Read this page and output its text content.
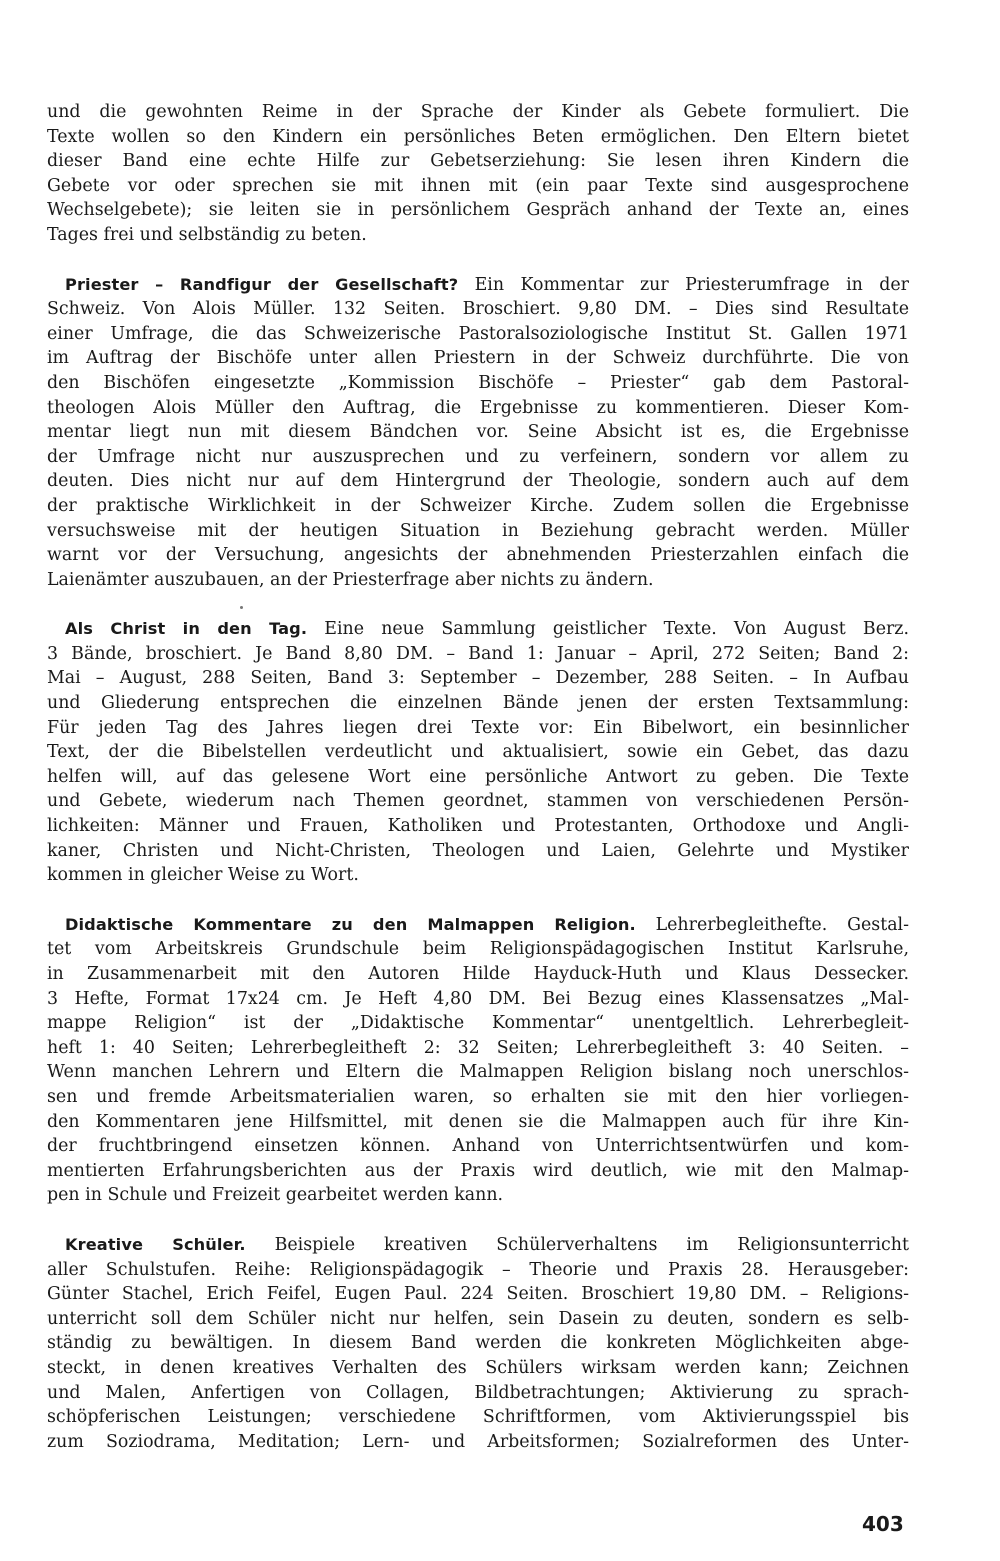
und die gewohnten Reime in der Sprache der Kinder als Gebete formuliert. Die
Texte wollen so den Kindern ein persönliches Beten ermöglichen. Den Eltern bietet
dieser Band eine echte Hilfe zur Gebetserziehung: Sie lesen ihren Kindern die
Gebete vor oder sprechen sie mit ihnen mit (ein paar Texte sind ausgesprochene
Wechselgebete); sie leiten sie in persönlichem Gespräch anhand der Texte an, eines
Tages frei und selbständig zu beten.

Priester – Randfigur der Gesellschaft? Ein Kommentar zur Priesterumfrage in der
Schweiz. Von Alois Müller. 132 Seiten. Broschiert. 9,80 DM. – Dies sind Resultate
einer Umfrage, die das Schweizerische Pastoralsoziologische Institut St. Gallen 1971
im Auftrag der Bischöfe unter allen Priestern in der Schweiz durchführte. Die von
den Bischöfen eingesetzte „Kommission Bischöfe – Priester“ gab dem Pastoral-
theologen Alois Müller den Auftrag, die Ergebnisse zu kommentieren. Dieser Kom-
mentar liegt nun mit diesem Bändchen vor. Seine Absicht ist es, die Ergebnisse
der Umfrage nicht nur auszusprechen und zu verfeinern, sondern vor allem zu
deuten. Dies nicht nur auf dem Hintergrund der Theologie, sondern auch auf dem
der praktische Wirklichkeit in der Schweizer Kirche. Zudem sollen die Ergebnisse
versuchsweise mit der heutigen Situation in Beziehung gebracht werden. Müller
warnt vor der Versuchung, angesichts der abnehmenden Priesterzahlen einfach die
Laienämter auszubauen, an der Priesterfrage aber nichts zu ändern.

Als Christ in den Tag. Eine neue Sammlung geistlicher Texte. Von August Berz.
3 Bände, broschiert. Je Band 8,80 DM. – Band 1: Januar – April, 272 Seiten; Band 2:
Mai – August, 288 Seiten, Band 3: September – Dezember, 288 Seiten. – In Aufbau
und Gliederung entsprechen die einzelnen Bände jenen der ersten Textsammlung:
Für jeden Tag des Jahres liegen drei Texte vor: Ein Bibelwort, ein besinnlicher
Text, der die Bibelstellen verdeutlicht und aktualisiert, sowie ein Gebet, das dazu
helfen will, auf das gelesene Wort eine persönliche Antwort zu geben. Die Texte
und Gebete, wiederum nach Themen geordnet, stammen von verschiedenen Persön-
lichkeiten: Männer und Frauen, Katholiken und Protestanten, Orthodoxe und Angli-
kaner, Christen und Nicht-Christen, Theologen und Laien, Gelehrte und Mystiker
kommen in gleicher Weise zu Wort.

Didaktische Kommentare zu den Malmappen Religion. Lehrerbegleithefte. Gestal-
tet vom Arbeitskreis Grundschule beim Religionspädagogischen Institut Karlsruhe,
in Zusammenarbeit mit den Autoren Hilde Hayduck-Huth und Klaus Dessecker.
3 Hefte, Format 17x24 cm. Je Heft 4,80 DM. Bei Bezug eines Klassensatzes „Mal-
mappe Religion“ ist der „Didaktische Kommentar“ unentgeltlich. Lehrerbegleit-
heft 1: 40 Seiten; Lehrerbegleitheft 2: 32 Seiten; Lehrerbegleitheft 3: 40 Seiten. –
Wenn manchen Lehrern und Eltern die Malmappen Religion bislang noch unerschlos-
sen und fremde Arbeitsmaterialien waren, so erhalten sie mit den hier vorliegen-
den Kommentaren jene Hilfsmittel, mit denen sie die Malmappen auch für ihre Kin-
der fruchtbringend einsetzen können. Anhand von Unterrichtsentwürfen und kom-
mentierten Erfahrungsberichten aus der Praxis wird deutlich, wie mit den Malmap-
pen in Schule und Freizeit gearbeitet werden kann.

Kreative Schüler. Beispiele kreativen Schülerverhaltens im Religionsunterricht
aller Schulstufen. Reihe: Religionspädagogik – Theorie und Praxis 28. Herausgeber:
Günter Stachel, Erich Feifel, Eugen Paul. 224 Seiten. Broschiert 19,80 DM. – Religions-
unterricht soll dem Schüler nicht nur helfen, sein Dasein zu deuten, sondern es selb-
ständig zu bewältigen. In diesem Band werden die konkreten Möglichkeiten abge-
steckt, in denen kreatives Verhalten des Schülers wirksam werden kann; Zeichnen
und Malen, Anfertigen von Collagen, Bildbetrachtungen; Aktivierung zu sprach-
schöpferischen Leistungen; verschiedene Schriftformen, vom Aktivierungsspiel bis
zum Soziodrama, Meditation; Lern- und Arbeitsformen; Sozialreformen des Unter-

403
